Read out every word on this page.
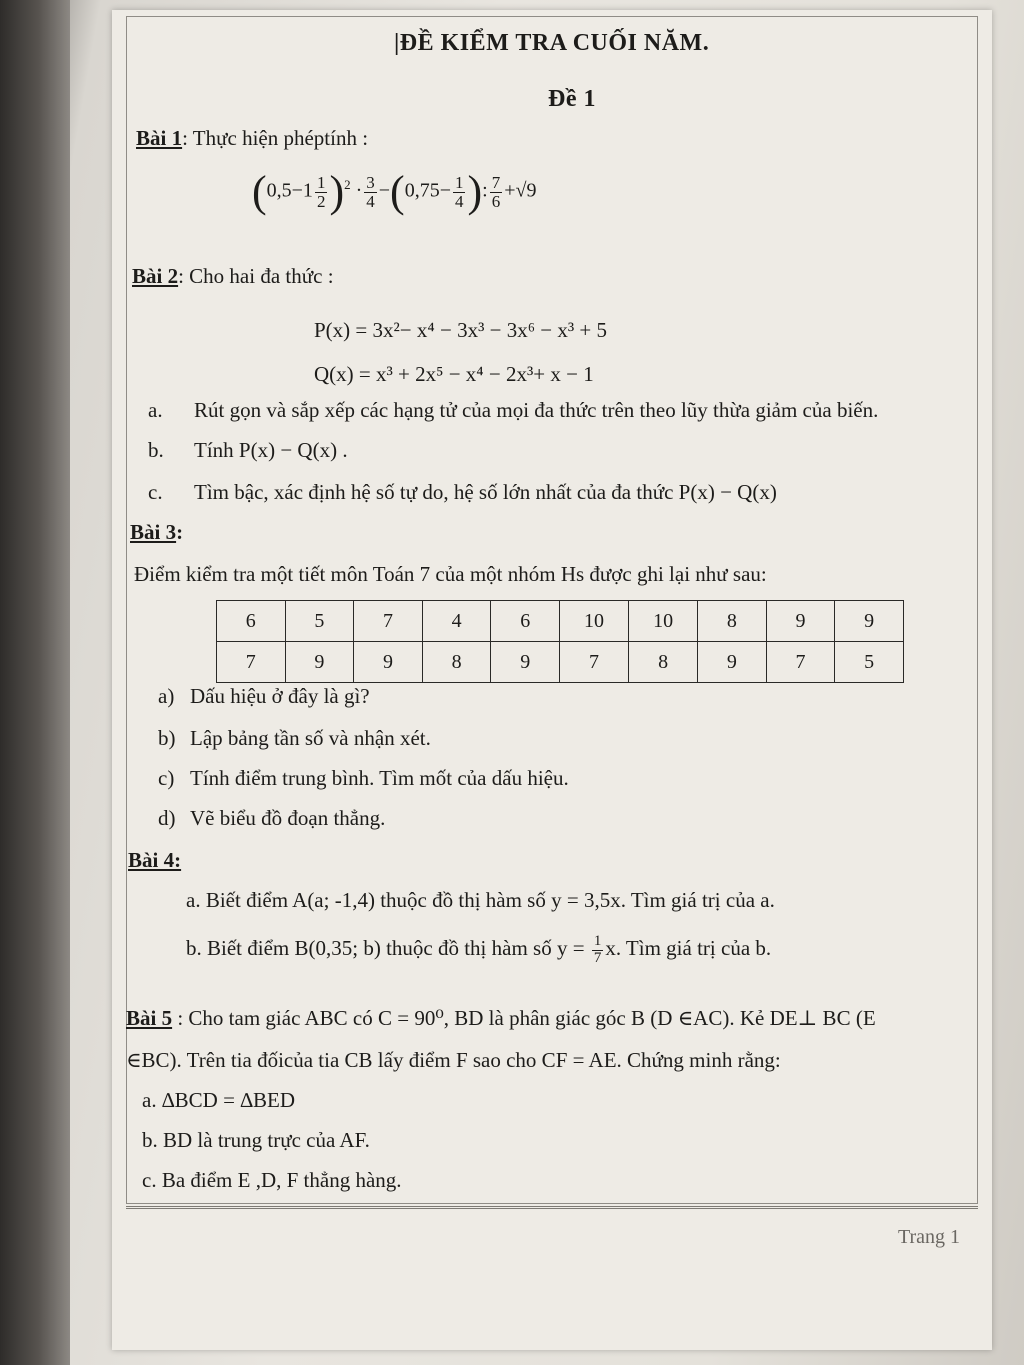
|ĐỀ KIỂM TRA CUỐI NĂM.
Đề 1
Bài 1: Thực hiện phéptính :
$(0,5-1 \frac{1}{2} )^2 \cdot \frac{3}{4} -(0,75- \frac{1}{4}$ ): $\frac{7}{6} +√9$
Bài 2: Cho hai đa thức :
P(x) = 3x²− x⁴ − 3x³ − 3x⁶ − x³ + 5
Q(x) = x³ + 2x⁵ − x⁴ − 2x³+ x − 1
a. Rút gọn và sắp xếp các hạng tử của mọi đa thức trên theo lũy thừa giảm của biến.
b. Tính P(x) − Q(x) .
c. Tìm bậc, xác định hệ số tự do, hệ số lớn nhất của đa thức P(x) − Q(x)
Bài 3:
Điểm kiểm tra một tiết môn Toán 7 của một nhóm Hs được ghi lại như sau:
6	5	7	4	6	10	10	8	9	9
7	9	9	8	9	7	8	9	7	5
a) Dấu hiệu ở đây là gì?
b) Lập bảng tần số và nhận xét.
c) Tính điểm trung bình. Tìm mốt của dấu hiệu.
d) Vẽ biểu đồ đoạn thẳng.
Bài 4:
a. Biết điểm A(a; -1,4) thuộc đồ thị hàm số y = 3,5x. Tìm giá trị của a.
b. Biết điểm B(0,35; b) thuộc đồ thị hàm số $y = \frac{1}{7} x$. Tìm giá trị của b.
Bài 5 : Cho tam giác ABC có C = 90⁰, BD là phân giác góc B (D ∈AC). Kẻ DE⊥ BC (E
∈BC). Trên tia đốicủa tia CB lấy điểm F sao cho CF = AE. Chứng minh rằng:
a. ∆BCD = ∆BED
b. BD là trung trực của AF.
c. Ba điểm E ,D, F thẳng hàng.
Trang 1
